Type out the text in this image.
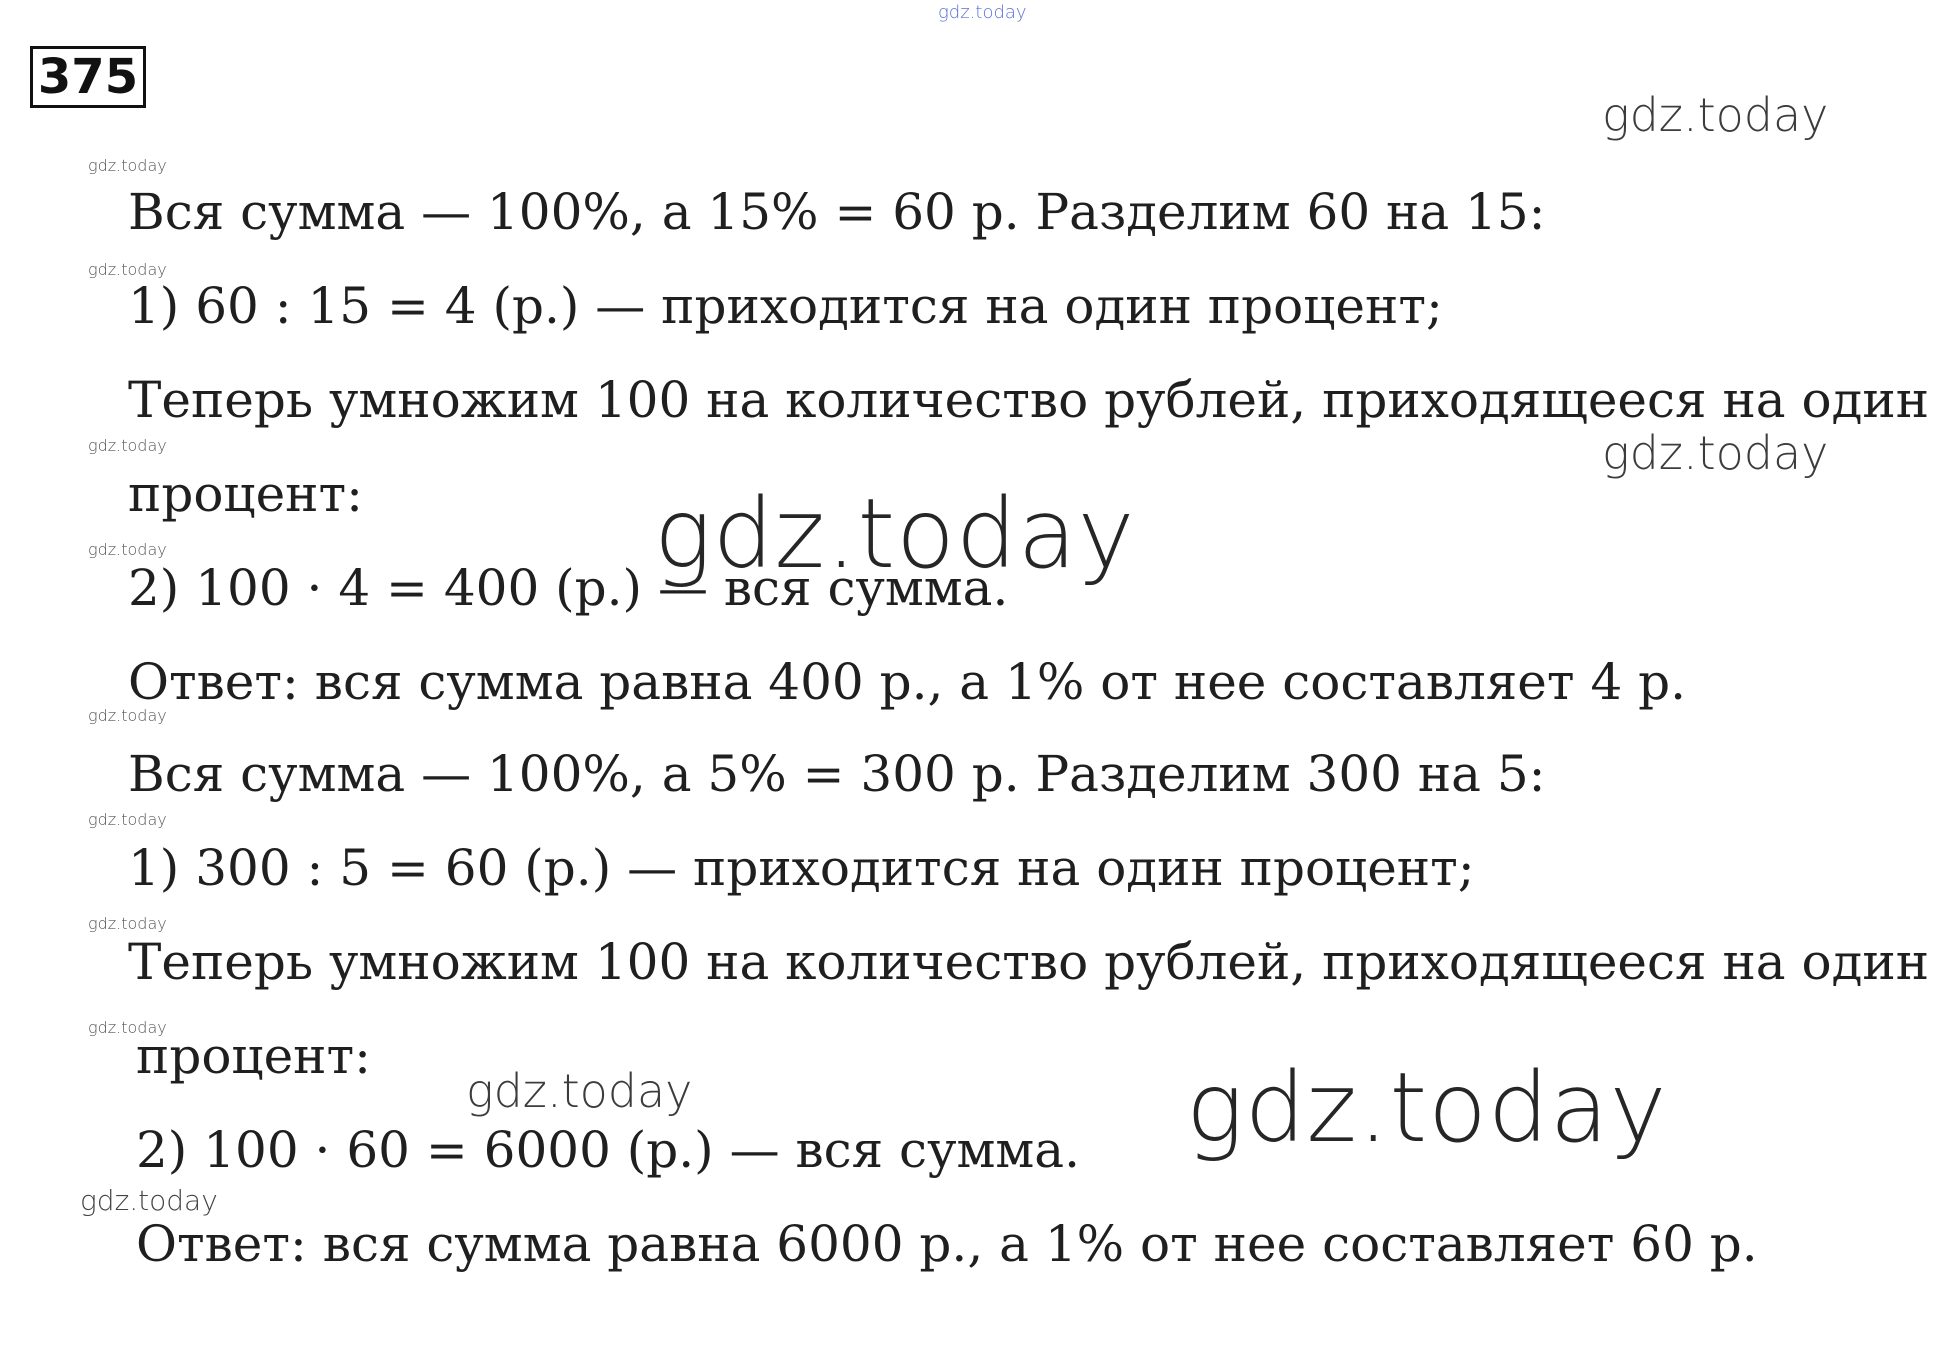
gdz.today
375
gdz.today
gdz.today
Вся сумма — 100%, а 15% = 60 р. Разделим 60 на 15:
gdz.today
1) 60 : 15 = 4 (р.) — приходится на один процент;
Теперь умножим 100 на количество рублей, приходящееся на один
gdz.today	gdz.today
процент:	gdz.today
gdz.today
2) 100 · 4 = 400 (р.) — вся сумма.
Ответ: вся сумма равна 400 р., а 1% от нее составляет 4 р.
gdz.today
Вся сумма — 100%, а 5% = 300 р. Разделим 300 на 5:
gdz.today
1) 300 : 5 = 60 (р.) — приходится на один процент;
gdz.today
Теперь умножим 100 на количество рублей, приходящееся на один
gdz.today
процент:
gdz.today	gdz.today
2) 100 · 60 = 6000 (р.) — вся сумма.
gdz.today
Ответ: вся сумма равна 6000 р., а 1% от нее составляет 60 р.
